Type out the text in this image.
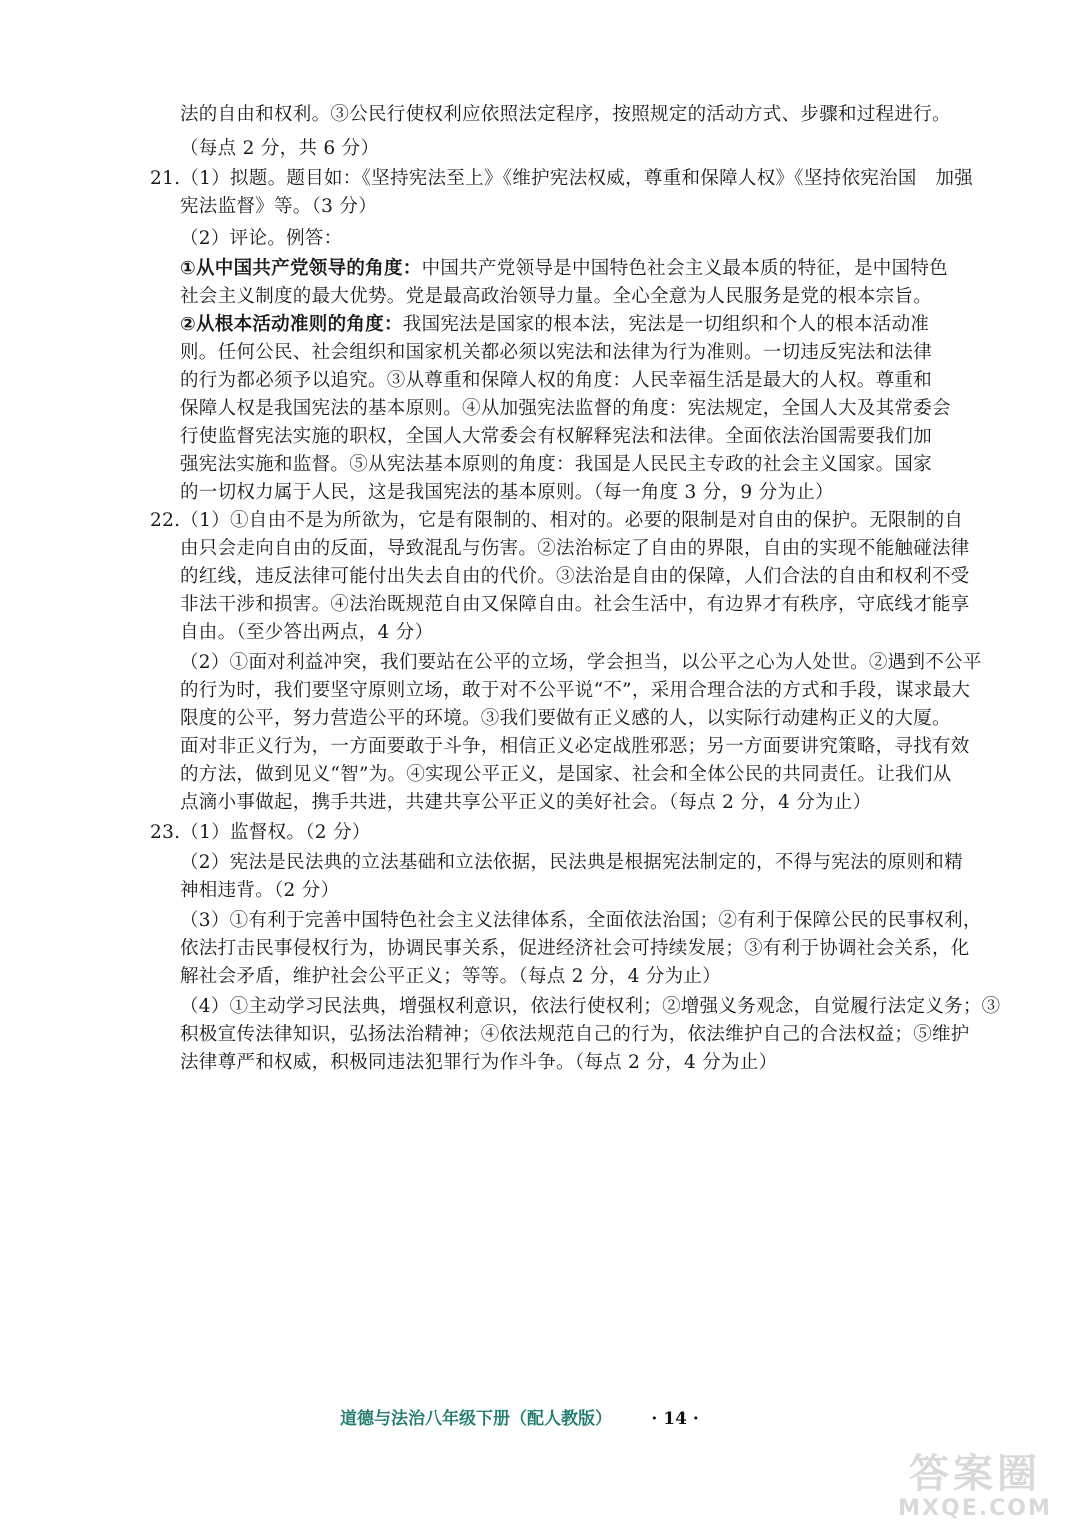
法的自由和权利。③公民行使权利应依照法定程序，按照规定的活动方式、步骤和过程进行。
（每点 2 分，共 6 分）
21.（1）拟题。题目如：《坚持宪法至上》《维护宪法权威，尊重和保障人权》《坚持依宪治国　加强
宪法监督》等。（3 分）
（2）评论。例答：
①从中国共产党领导的角度：中国共产党领导是中国特色社会主义最本质的特征，是中国特色
社会主义制度的最大优势。党是最高政治领导力量。全心全意为人民服务是党的根本宗旨。
②从根本活动准则的角度：我国宪法是国家的根本法，宪法是一切组织和个人的根本活动准
则。任何公民、社会组织和国家机关都必须以宪法和法律为行为准则。一切违反宪法和法律
的行为都必须予以追究。③从尊重和保障人权的角度：人民幸福生活是最大的人权。尊重和
保障人权是我国宪法的基本原则。④从加强宪法监督的角度：宪法规定，全国人大及其常委会
行使监督宪法实施的职权，全国人大常委会有权解释宪法和法律。全面依法治国需要我们加
强宪法实施和监督。⑤从宪法基本原则的角度：我国是人民民主专政的社会主义国家。国家
的一切权力属于人民，这是我国宪法的基本原则。（每一角度 3 分，9 分为止）
22.（1）①自由不是为所欲为，它是有限制的、相对的。必要的限制是对自由的保护。无限制的自
由只会走向自由的反面，导致混乱与伤害。②法治标定了自由的界限，自由的实现不能触碰法律
的红线，违反法律可能付出失去自由的代价。③法治是自由的保障，人们合法的自由和权利不受
非法干涉和损害。④法治既规范自由又保障自由。社会生活中，有边界才有秩序，守底线才能享
自由。（至少答出两点，4 分）
（2）①面对利益冲突，我们要站在公平的立场，学会担当，以公平之心为人处世。②遇到不公平
的行为时，我们要坚守原则立场，敢于对不公平说“不”，采用合理合法的方式和手段，谋求最大
限度的公平，努力营造公平的环境。③我们要做有正义感的人，以实际行动建构正义的大厦。
面对非正义行为，一方面要敢于斗争，相信正义必定战胜邪恶；另一方面要讲究策略，寻找有效
的方法，做到见义“智”为。④实现公平正义，是国家、社会和全体公民的共同责任。让我们从
点滴小事做起，携手共进，共建共享公平正义的美好社会。（每点 2 分，4 分为止）
23.（1）监督权。（2 分）
（2）宪法是民法典的立法基础和立法依据，民法典是根据宪法制定的，不得与宪法的原则和精
神相违背。（2 分）
（3）①有利于完善中国特色社会主义法律体系，全面依法治国；②有利于保障公民的民事权利，
依法打击民事侵权行为，协调民事关系，促进经济社会可持续发展；③有利于协调社会关系，化
解社会矛盾，维护社会公平正义；等等。（每点 2 分，4 分为止）
（4）①主动学习民法典，增强权利意识，依法行使权利；②增强义务观念，自觉履行法定义务；③
积极宣传法律知识，弘扬法治精神；④依法规范自己的行为，依法维护自己的合法权益；⑤维护
法律尊严和权威，积极同违法犯罪行为作斗争。（每点 2 分，4 分为止）
道德与法治八年级下册（配人教版） · 14 ·
答案圈
MXQE.COM
